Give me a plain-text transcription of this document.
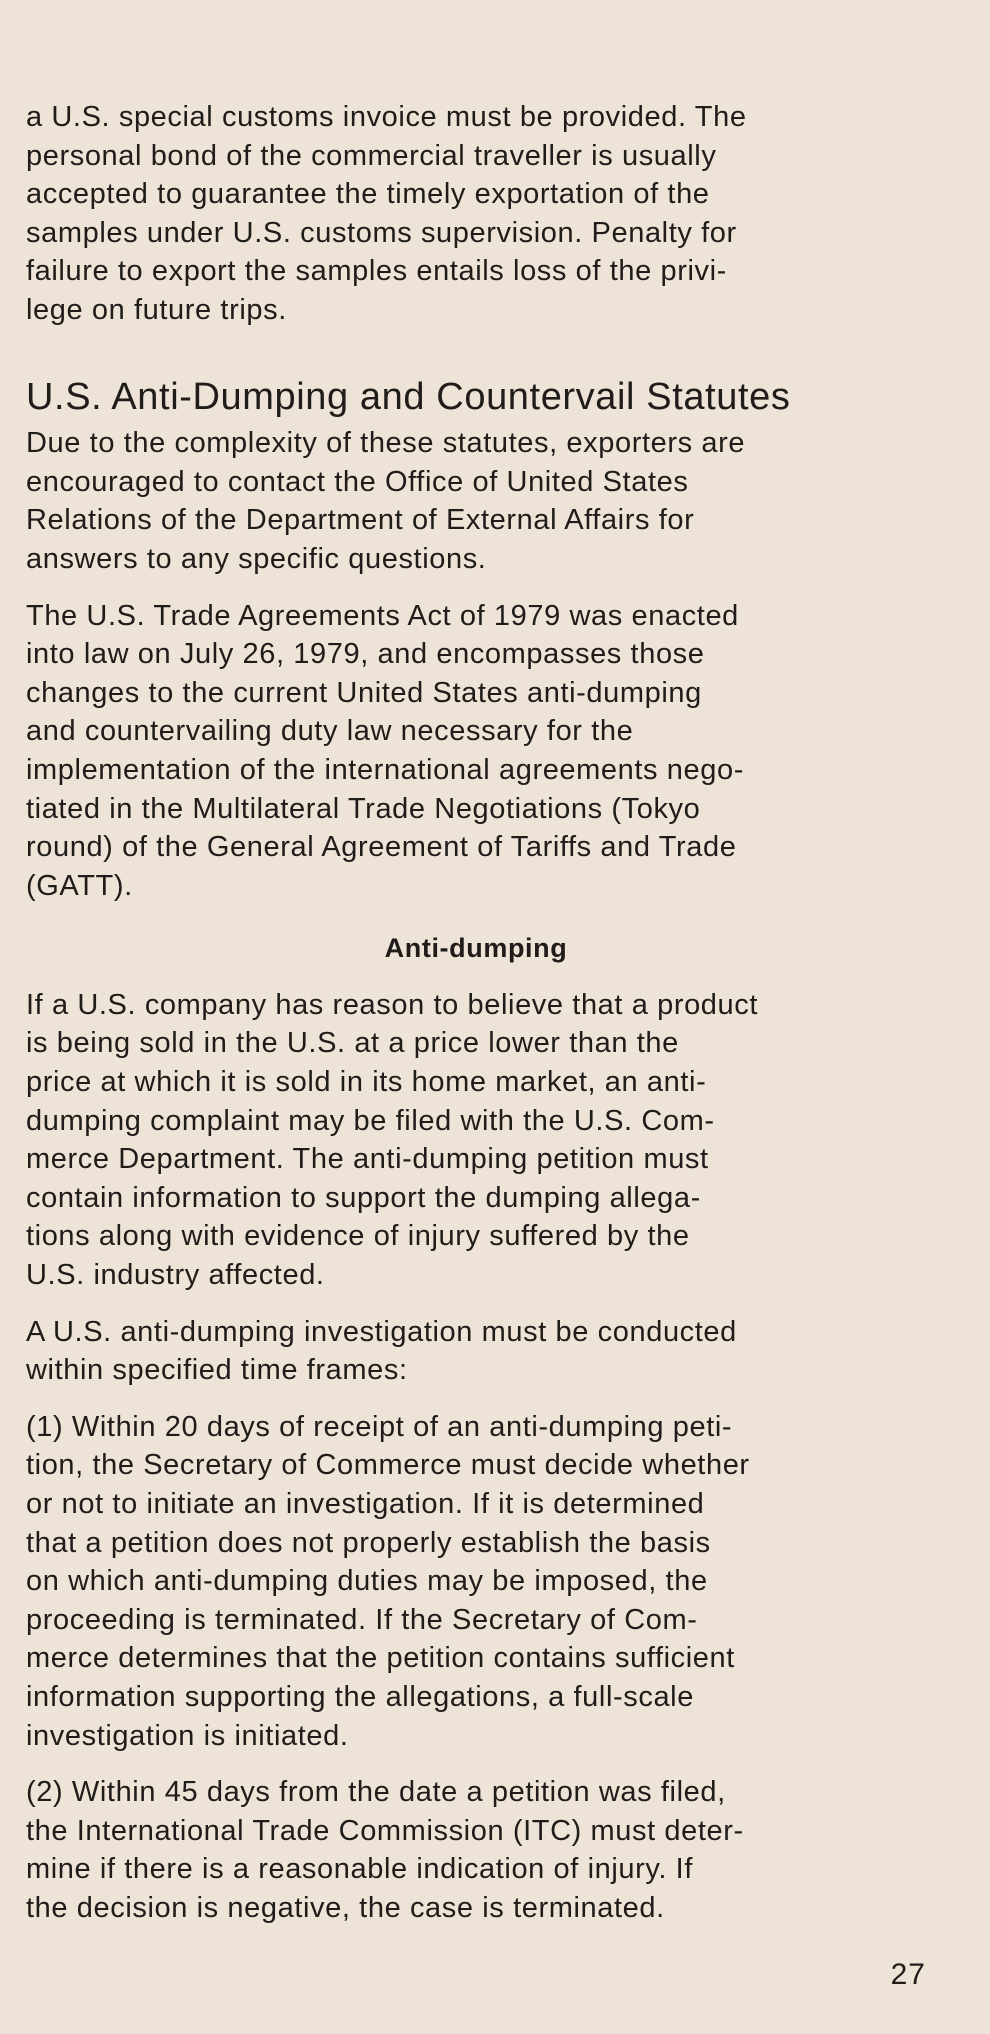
a U.S. special customs invoice must be provided. The
personal bond of the commercial traveller is usually
accepted to guarantee the timely exportation of the
samples under U.S. customs supervision. Penalty for
failure to export the samples entails loss of the privi-
lege on future trips.

U.S. Anti-Dumping and Countervail Statutes

Due to the complexity of these statutes, exporters are
encouraged to contact the Office of United States
Relations of the Department of External Affairs for
answers to any specific questions.

The U.S. Trade Agreements Act of 1979 was enacted
into law on July 26, 1979, and encompasses those
changes to the current United States anti-dumping
and countervailing duty law necessary for the
implementation of the international agreements nego-
tiated in the Multilateral Trade Negotiations (Tokyo
round) of the General Agreement of Tariffs and Trade
(GATT).

Anti-dumping

If a U.S. company has reason to believe that a product
is being sold in the U.S. at a price lower than the
price at which it is sold in its home market, an anti-
dumping complaint may be filed with the U.S. Com-
merce Department. The anti-dumping petition must
contain information to support the dumping allega-
tions along with evidence of injury suffered by the
U.S. industry affected.

A U.S. anti-dumping investigation must be conducted
within specified time frames:

(1) Within 20 days of receipt of an anti-dumping peti-
tion, the Secretary of Commerce must decide whether
or not to initiate an investigation. If it is determined
that a petition does not properly establish the basis
on which anti-dumping duties may be imposed, the
proceeding is terminated. If the Secretary of Com-
merce determines that the petition contains sufficient
information supporting the allegations, a full-scale
investigation is initiated.

(2) Within 45 days from the date a petition was filed,
the International Trade Commission (ITC) must deter-
mine if there is a reasonable indication of injury. If
the decision is negative, the case is terminated.

27
